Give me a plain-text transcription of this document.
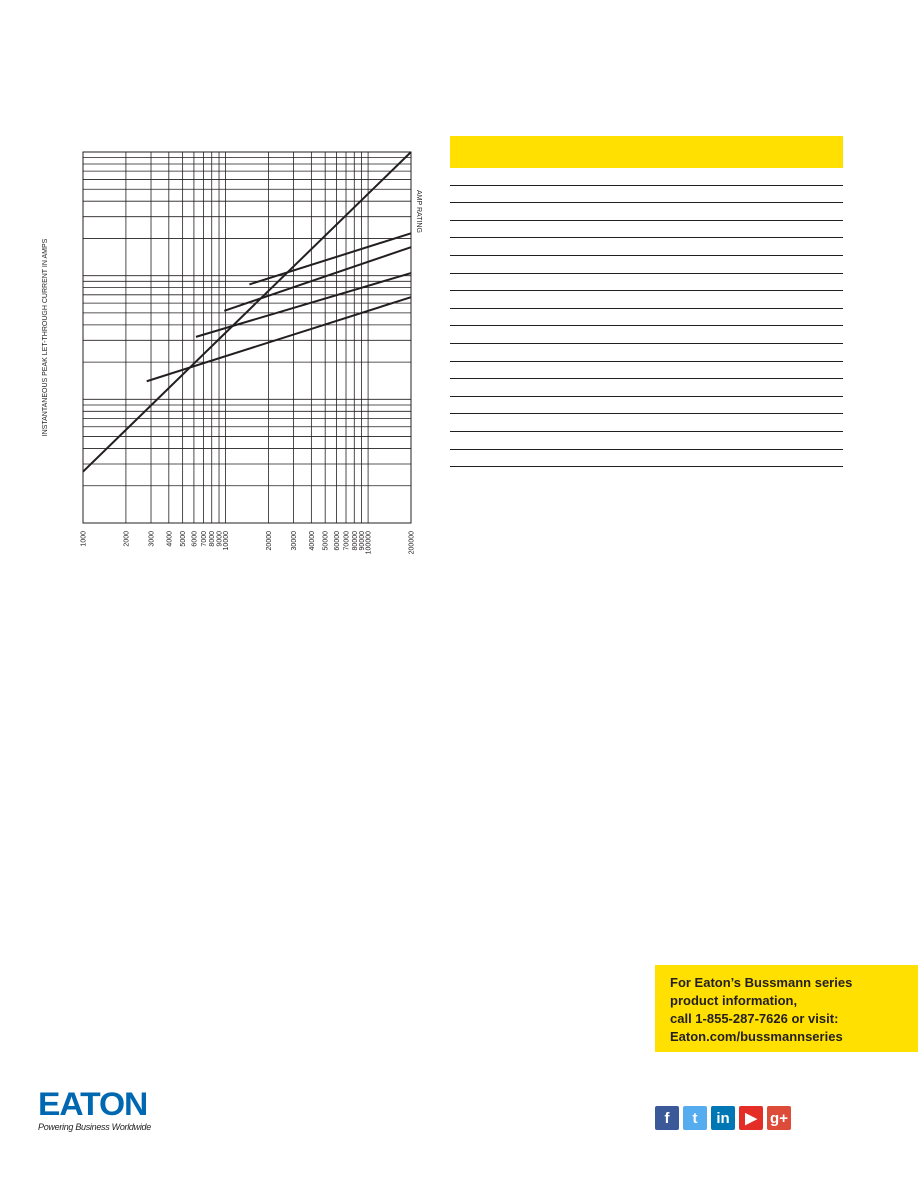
1000	2000	3000 4000 5000 6000 7000 8000 9000 10000	20000	30000 40000 50000 60000 70000 80000 90000 100000	200000
INSTANTANEOUS PEAK LET-THROUGH CURRENT IN AMPS
AMP RATING
For Eaton’s Bussmann series
product information,
call 1-855-287-7626 or visit:
Eaton.com/bussmannseries
EATON
Powering Business Worldwide
f	t	in	▶ g+
